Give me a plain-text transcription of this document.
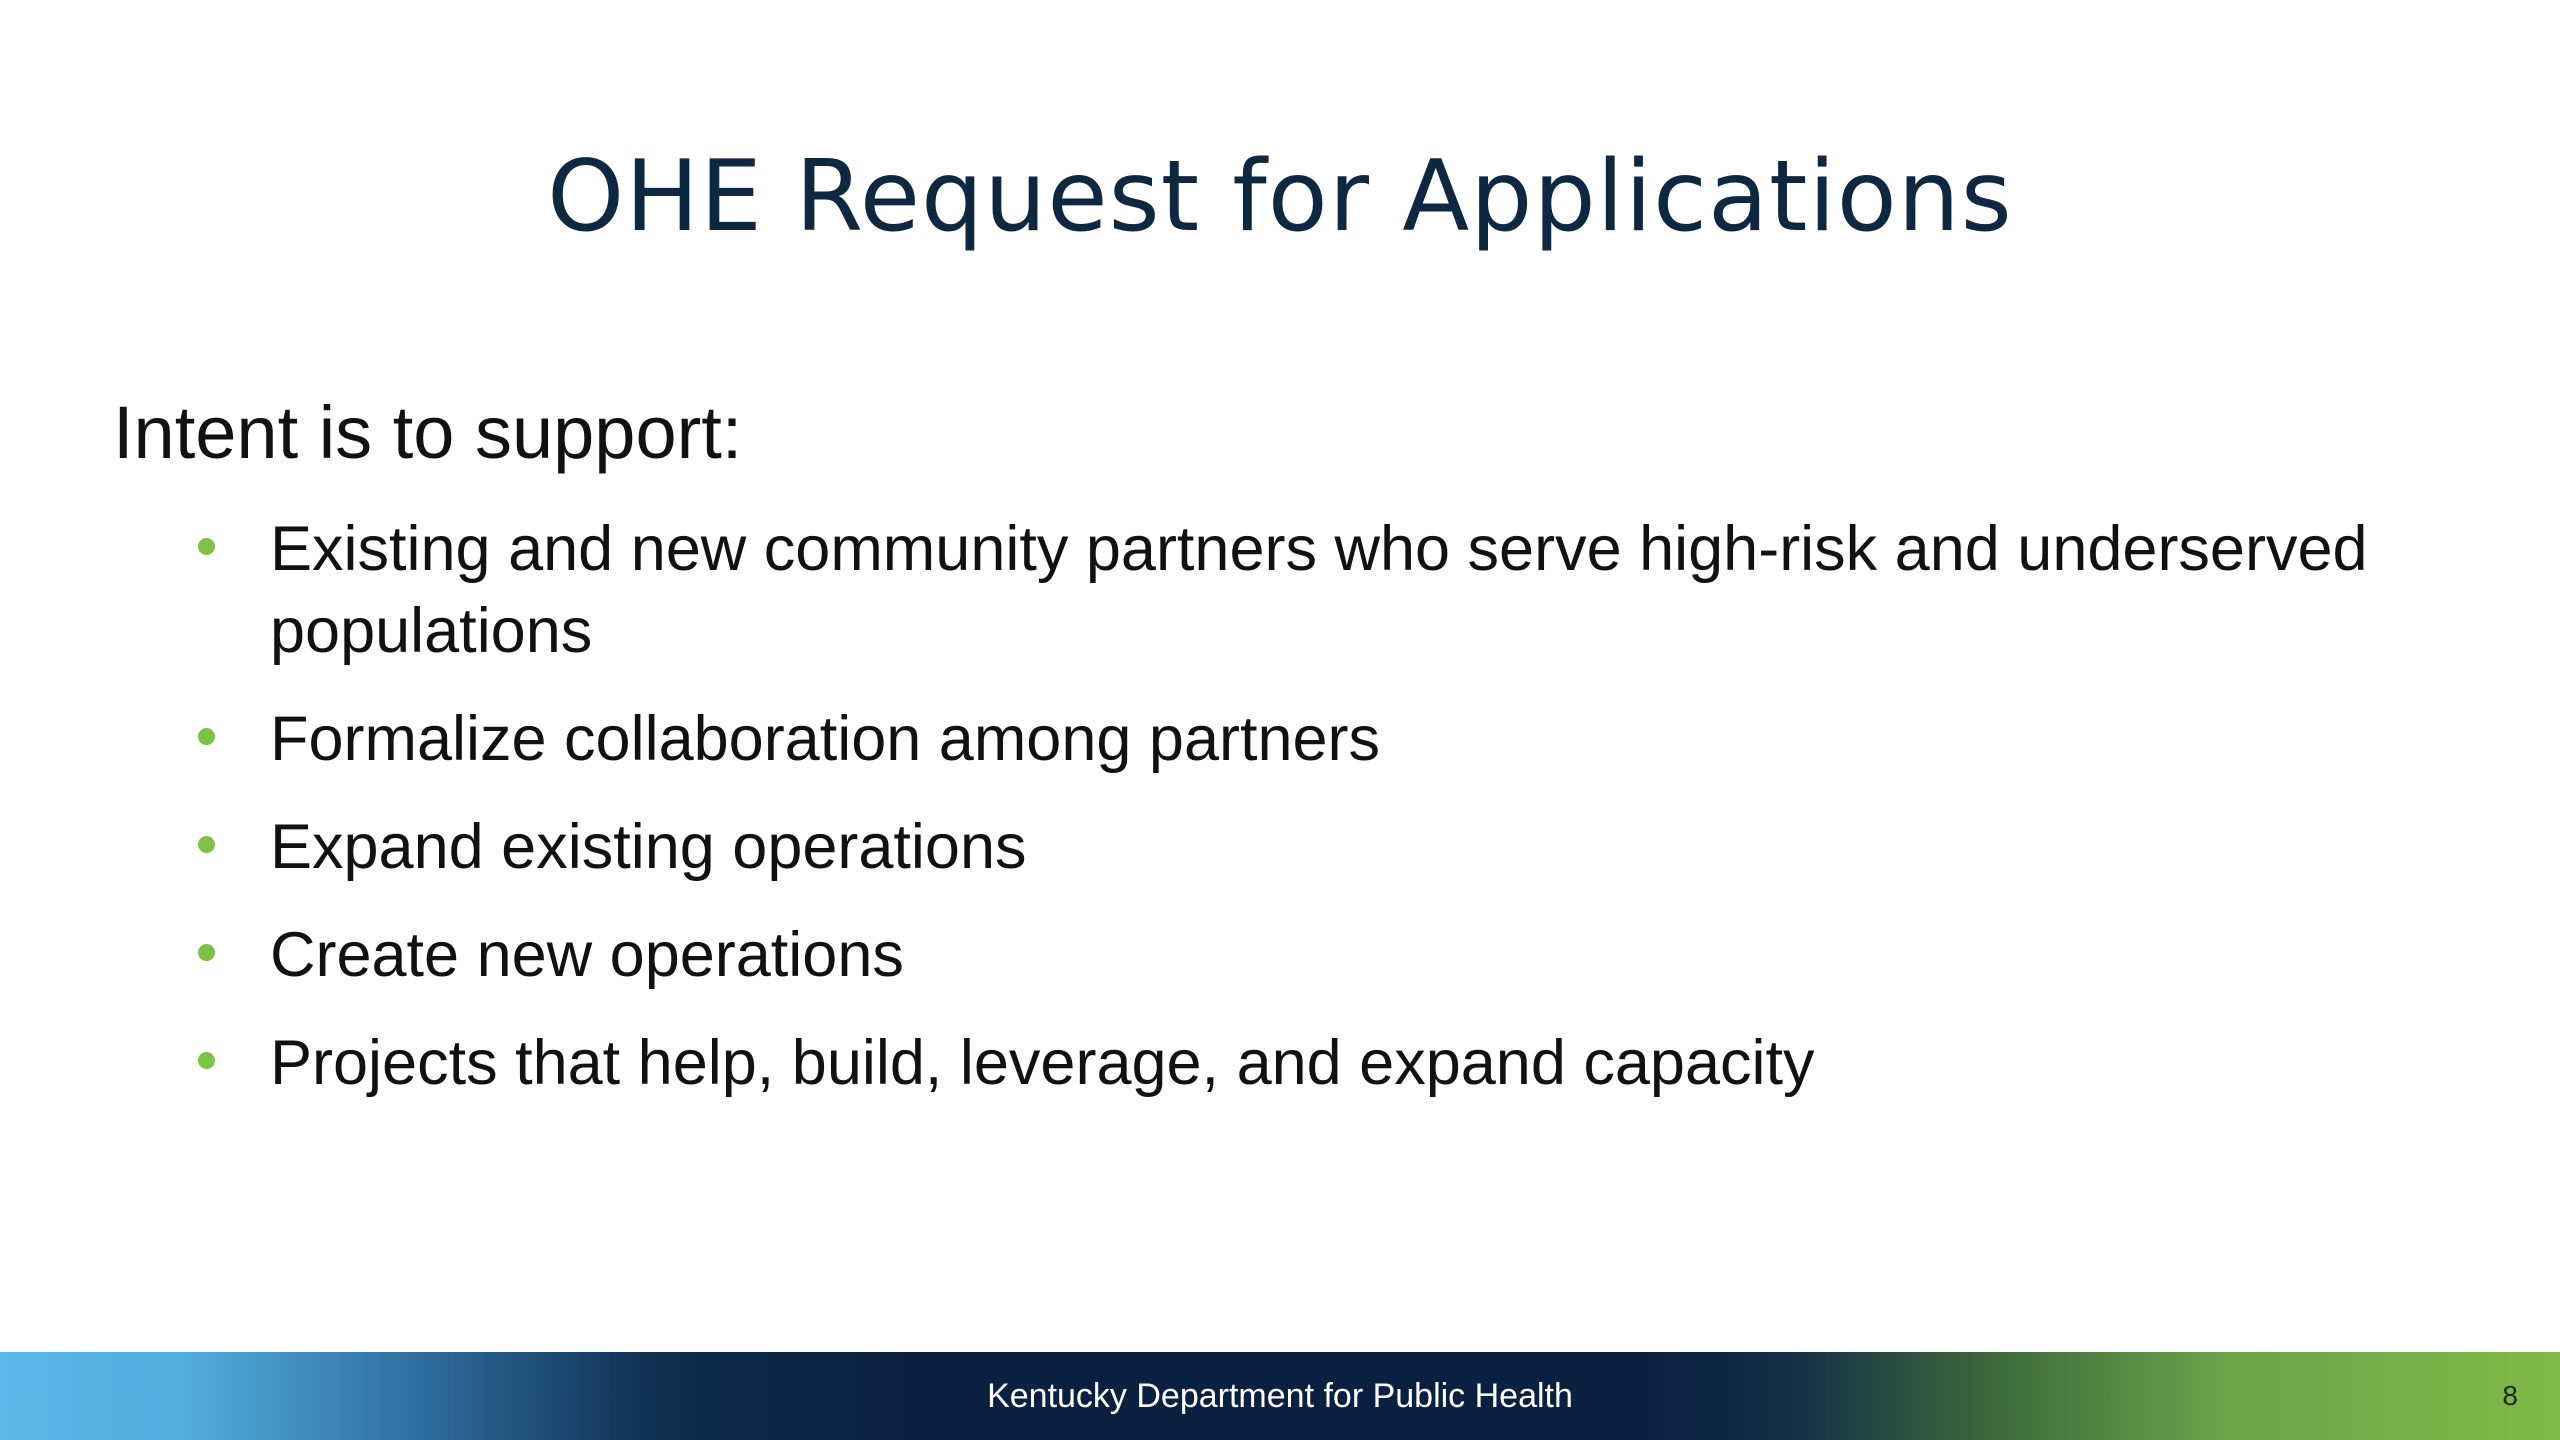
OHE Request for Applications
Intent is to support:
Existing and new community partners who serve high-risk and underserved populations
Formalize collaboration among partners
Expand existing operations
Create new operations
Projects that help, build, leverage, and expand capacity
Kentucky Department for Public Health	8
